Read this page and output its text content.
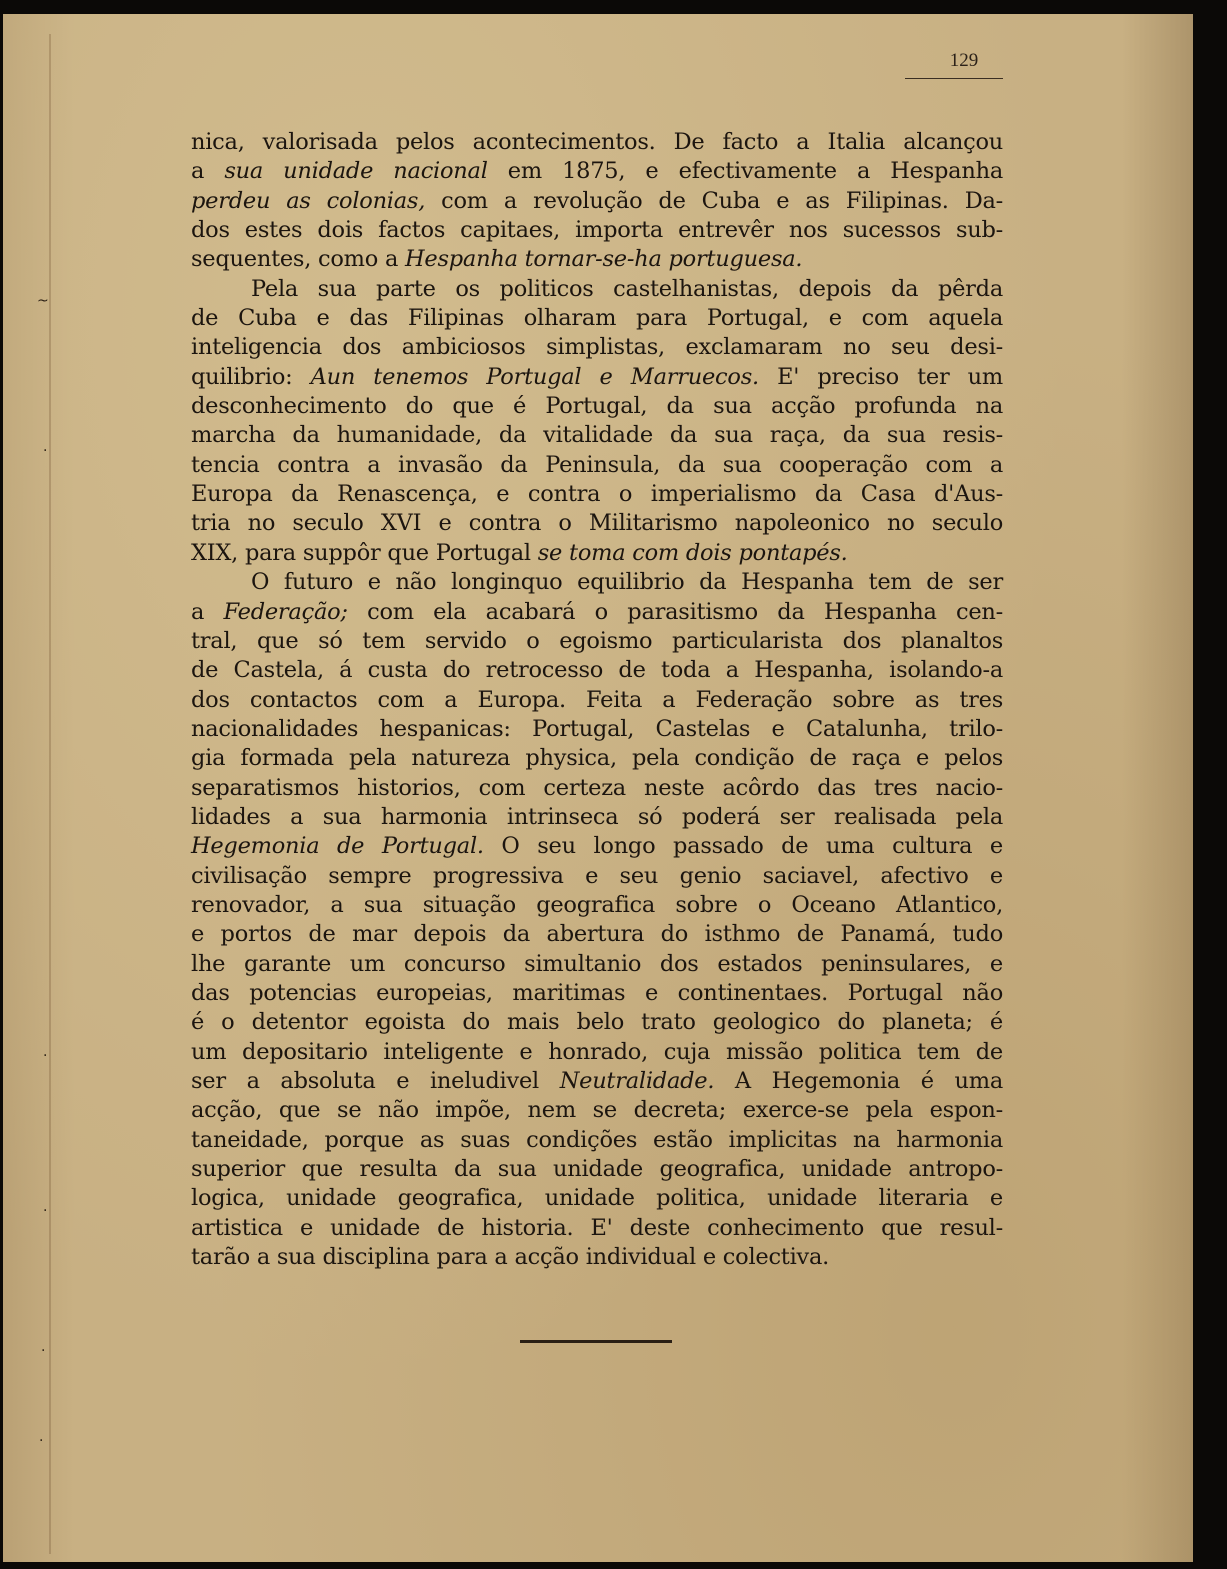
~
·
·
·
·
·
129
nica, valorisada pelos acontecimentos. De facto a Italia alcançou
a sua unidade nacional em 1875, e efectivamente a Hespanha
perdeu as colonias, com a revolução de Cuba e as Filipinas. Da-
dos estes dois factos capitaes, importa entrevêr nos sucessos sub-
sequentes, como a Hespanha tornar-se-ha portuguesa.
Pela sua parte os politicos castelhanistas, depois da pêrda
de Cuba e das Filipinas olharam para Portugal, e com aquela
inteligencia dos ambiciosos simplistas, exclamaram no seu desi-
quilibrio: Aun tenemos Portugal e Marruecos. E' preciso ter um
desconhecimento do que é Portugal, da sua acção profunda na
marcha da humanidade, da vitalidade da sua raça, da sua resis-
tencia contra a invasão da Peninsula, da sua cooperação com a
Europa da Renascença, e contra o imperialismo da Casa d'Aus-
tria no seculo XVI e contra o Militarismo napoleonico no seculo
XIX, para suppôr que Portugal se toma com dois pontapés.
O futuro e não longinquo equilibrio da Hespanha tem de ser
a Federação; com ela acabará o parasitismo da Hespanha cen-
tral, que só tem servido o egoismo particularista dos planaltos
de Castela, á custa do retrocesso de toda a Hespanha, isolando-a
dos contactos com a Europa. Feita a Federação sobre as tres
nacionalidades hespanicas: Portugal, Castelas e Catalunha, trilo-
gia formada pela natureza physica, pela condição de raça e pelos
separatismos historios, com certeza neste acôrdo das tres nacio-
lidades a sua harmonia intrinseca só poderá ser realisada pela
Hegemonia de Portugal. O seu longo passado de uma cultura e
civilisação sempre progressiva e seu genio saciavel, afectivo e
renovador, a sua situação geografica sobre o Oceano Atlantico,
e portos de mar depois da abertura do isthmo de Panamá, tudo
lhe garante um concurso simultanio dos estados peninsulares, e
das potencias europeias, maritimas e continentaes. Portugal não
é o detentor egoista do mais belo trato geologico do planeta; é
um depositario inteligente e honrado, cuja missão politica tem de
ser a absoluta e ineludivel Neutralidade. A Hegemonia é uma
acção, que se não impõe, nem se decreta; exerce-se pela espon-
taneidade, porque as suas condições estão implicitas na harmonia
superior que resulta da sua unidade geografica, unidade antropo-
logica, unidade geografica, unidade politica, unidade literaria e
artistica e unidade de historia. E' deste conhecimento que resul-
tarão a sua disciplina para a acção individual e colectiva.
